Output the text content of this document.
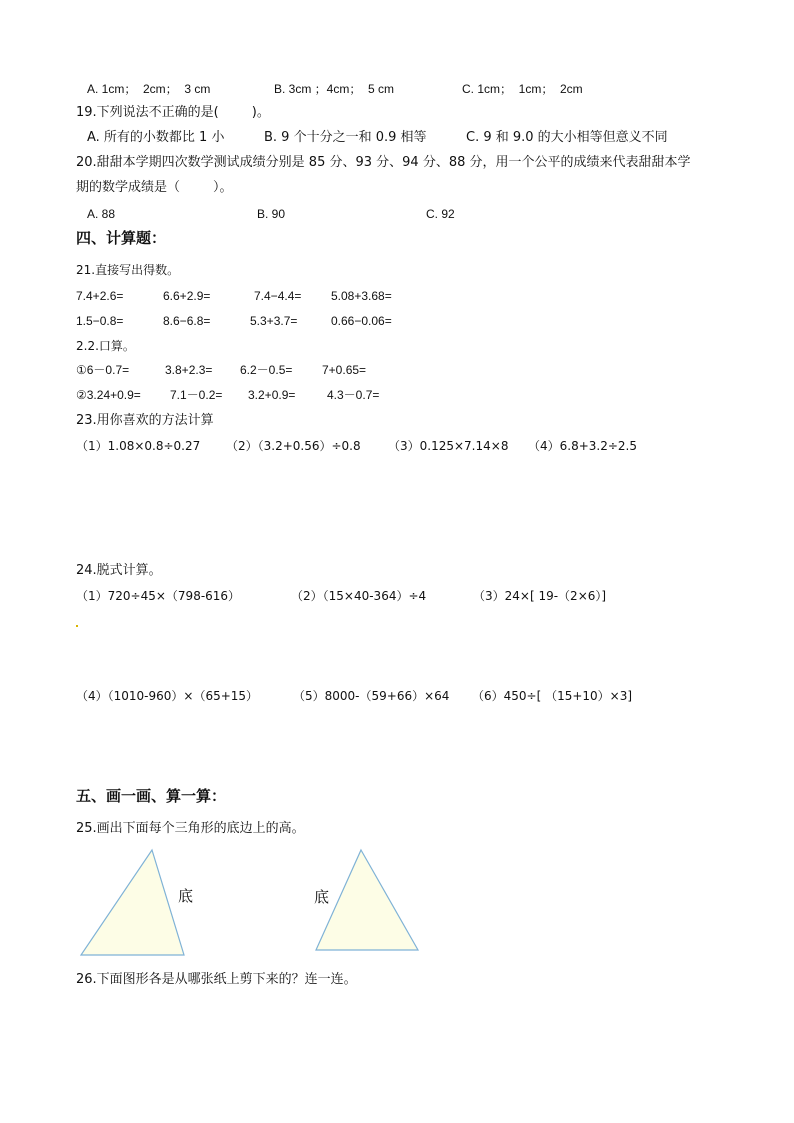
A. 1cm；  2cm；  3 cm	B. 3cm ；4cm；  5 cm	C. 1cm；  1cm；  2cm
19.下列说法不正确的是(        )。
A. 所有的小数都比 1 小	B. 9 个十分之一和 0.9 相等	C. 9 和 9.0 的大小相等但意义不同
20.甜甜本学期四次数学测试成绩分别是 85 分、93 分、94 分、88 分，用一个公平的成绩来代表甜甜本学
期的数学成绩是（        ）。
A. 88	B. 90	C. 92
四、计算题：
21.直接写出得数。
7.4+2.6=	6.6+2.9=	7.4−4.4= 5.08+3.68=
1.5−0.8=	8.6−6.8=	5.3+3.7=	0.66−0.06=
2.2.口算。
①6－0.7=	3.8+2.3= 6.2－0.5= 7+0.65=
②3.24+0.9= 7.1－0.2= 3.2+0.9=	4.3－0.7=
23.用你喜欢的方法计算
（1）1.08×0.8÷0.27 （2）（3.2+0.56）÷0.8 （3）0.125×7.14×8 （4）6.8+3.2÷2.5
24.脱式计算。
（1）720÷45×（798-616）	（2）（15×40-364）÷4	（3）24×[ 19-（2×6）]
（4）（1010-960）×（65+15）	（5）8000-（59+66）×64 （6）450÷[ （15+10）×3]
五、画一画、算一算：
25.画出下面每个三角形的底边上的高。
底	底
26.下面图形各是从哪张纸上剪下来的？连一连。
